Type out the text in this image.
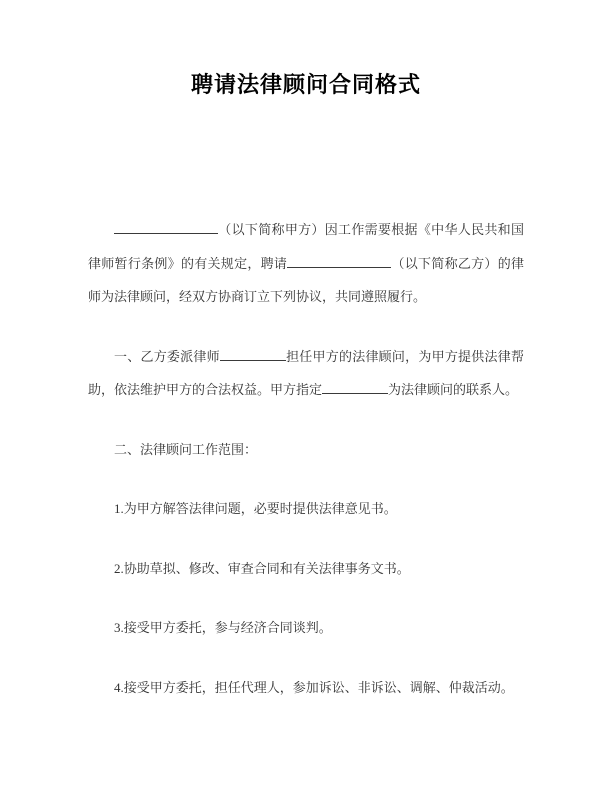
聘请法律顾问合同格式

（以下简称甲方）因工作需要根据《中华人民共和国律师暂行条例》的有关规定，聘请	（以下简称乙方）的律师为法律顾问，经双方协商订立下列协议，共同遵照履行。

一、乙方委派律师	担任甲方的法律顾问，为甲方提供法律帮助，依法维护甲方的合法权益。甲方指定	为法律顾问的联系人。

二、法律顾问工作范围：

1.为甲方解答法律问题，必要时提供法律意见书。

2.协助草拟、修改、审查合同和有关法律事务文书。

3.接受甲方委托，参与经济合同谈判。

4.接受甲方委托，担任代理人，参加诉讼、非诉讼、调解、仲裁活动。
